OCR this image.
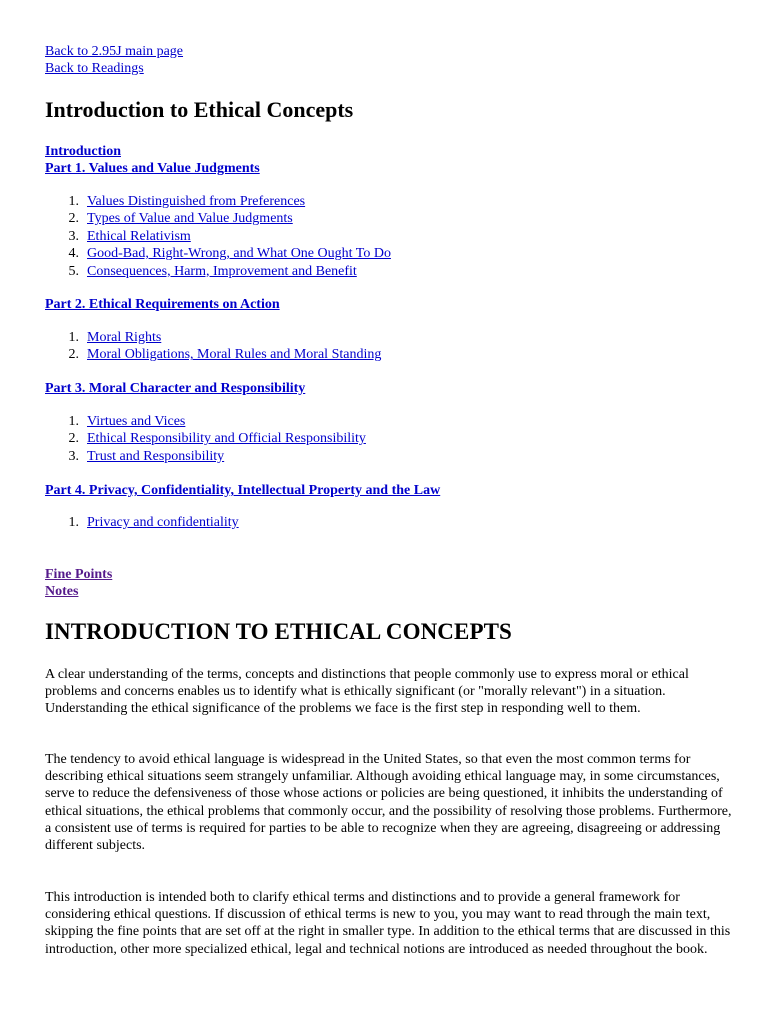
Back to 2.95J main page
Back to Readings
Introduction to Ethical Concepts
Introduction
Part 1. Values and Value Judgments
1. Values Distinguished from Preferences
2. Types of Value and Value Judgments
3. Ethical Relativism
4. Good-Bad, Right-Wrong, and What One Ought To Do
5. Consequences, Harm, Improvement and Benefit
Part 2. Ethical Requirements on Action
1. Moral Rights
2. Moral Obligations, Moral Rules and Moral Standing
Part 3. Moral Character and Responsibility
1. Virtues and Vices
2. Ethical Responsibility and Official Responsibility
3. Trust and Responsibility
Part 4. Privacy, Confidentiality, Intellectual Property and the Law
1. Privacy and confidentiality
Fine Points
Notes
INTRODUCTION TO ETHICAL CONCEPTS

A clear understanding of the terms, concepts and distinctions that people commonly use to express moral or ethical problems and concerns enables us to identify what is ethically significant (or "morally relevant") in a situation. Understanding the ethical significance of the problems we face is the first step in responding well to them.

The tendency to avoid ethical language is widespread in the United States, so that even the most common terms for describing ethical situations seem strangely unfamiliar. Although avoiding ethical language may, in some circumstances, serve to reduce the defensiveness of those whose actions or policies are being questioned, it inhibits the understanding of ethical situations, the ethical problems that commonly occur, and the possibility of resolving those problems. Furthermore, a consistent use of terms is required for parties to be able to recognize when they are agreeing, disagreeing or addressing different subjects.

This introduction is intended both to clarify ethical terms and distinctions and to provide a general framework for considering ethical questions. If discussion of ethical terms is new to you, you may want to read through the main text, skipping the fine points that are set off at the right in smaller type. In addition to the ethical terms that are discussed in this introduction, other more specialized ethical, legal and technical notions are introduced as needed throughout the book.
